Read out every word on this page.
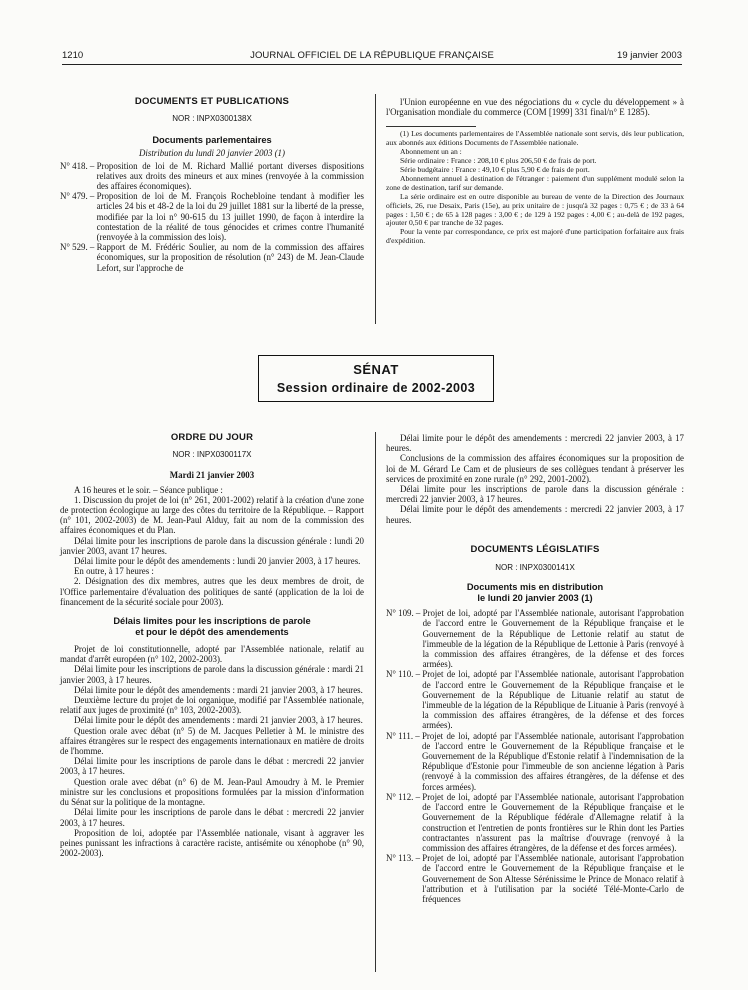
1210	JOURNAL OFFICIEL DE LA RÉPUBLIQUE FRANÇAISE	19 janvier 2003

DOCUMENTS ET PUBLICATIONS

NOR : INPX0300138X

Documents parlementaires

Distribution du lundi 20 janvier 2003 (1)

N° 418. – Proposition de loi de M. Richard Mallié portant diverses dispositions relatives aux droits des mineurs et aux mines (renvoyée à la commission des affaires économiques).
N° 479. – Proposition de loi de M. François Rochebloine tendant à modifier les articles 24 bis et 48-2 de la loi du 29 juillet 1881 sur la liberté de la presse, modifiée par la loi n° 90-615 du 13 juillet 1990, de façon à interdire la contestation de la réalité de tous génocides et crimes contre l'humanité (renvoyée à la commission des lois).
N° 529. – Rapport de M. Frédéric Soulier, au nom de la commission des affaires économiques, sur la proposition de résolution (n° 243) de M. Jean-Claude Lefort, sur l'approche de

l'Union européenne en vue des négociations du « cycle du développement » à l'Organisation mondiale du commerce (COM [1999] 331 final/n° E 1285).

(1) Les documents parlementaires de l'Assemblée nationale sont servis, dès leur publication, aux abonnés aux éditions Documents de l'Assemblée nationale.

Abonnement un an :

Série ordinaire : France : 208,10 € plus 206,50 € de frais de port.

Série budgétaire : France : 49,10 € plus 5,90 € de frais de port.

Abonnement annuel à destination de l'étranger : paiement d'un supplément modulé selon la zone de destination, tarif sur demande.

La série ordinaire est en outre disponible au bureau de vente de la Direction des Journaux officiels, 26, rue Desaix, Paris (15e), au prix unitaire de : jusqu'à 32 pages : 0,75 € ; de 33 à 64 pages : 1,50 € ; de 65 à 128 pages : 3,00 € ; de 129 à 192 pages : 4,00 € ; au-delà de 192 pages, ajouter 0,50 € par tranche de 32 pages.

Pour la vente par correspondance, ce prix est majoré d'une participation forfaitaire aux frais d'expédition.

SÉNAT
Session ordinaire de 2002-2003

ORDRE DU JOUR

NOR : INPX0300117X

Mardi 21 janvier 2003

A 16 heures et le soir. – Séance publique :

1. Discussion du projet de loi (n° 261, 2001-2002) relatif à la création d'une zone de protection écologique au large des côtes du territoire de la République. – Rapport (n° 101, 2002-2003) de M. Jean-Paul Alduy, fait au nom de la commission des affaires économiques et du Plan.

Délai limite pour les inscriptions de parole dans la discussion générale : lundi 20 janvier 2003, avant 17 heures.

Délai limite pour le dépôt des amendements : lundi 20 janvier 2003, à 17 heures.

En outre, à 17 heures :

2. Désignation des dix membres, autres que les deux membres de droit, de l'Office parlementaire d'évaluation des politiques de santé (application de la loi de financement de la sécurité sociale pour 2003).

Délais limites pour les inscriptions de parole

et pour le dépôt des amendements

Projet de loi constitutionnelle, adopté par l'Assemblée nationale, relatif au mandat d'arrêt européen (n° 102, 2002-2003).

Délai limite pour les inscriptions de parole dans la discussion générale : mardi 21 janvier 2003, à 17 heures.

Délai limite pour le dépôt des amendements : mardi 21 janvier 2003, à 17 heures.

Deuxième lecture du projet de loi organique, modifié par l'Assemblée nationale, relatif aux juges de proximité (n° 103, 2002-2003).

Délai limite pour le dépôt des amendements : mardi 21 janvier 2003, à 17 heures.

Question orale avec débat (n° 5) de M. Jacques Pelletier à M. le ministre des affaires étrangères sur le respect des engagements internationaux en matière de droits de l'homme.

Délai limite pour les inscriptions de parole dans le débat : mercredi 22 janvier 2003, à 17 heures.

Question orale avec débat (n° 6) de M. Jean-Paul Amoudry à M. le Premier ministre sur les conclusions et propositions formulées par la mission d'information du Sénat sur la politique de la montagne.

Délai limite pour les inscriptions de parole dans le débat : mercredi 22 janvier 2003, à 17 heures.

Proposition de loi, adoptée par l'Assemblée nationale, visant à aggraver les peines punissant les infractions à caractère raciste, antisémite ou xénophobe (n° 90, 2002-2003).

Délai limite pour le dépôt des amendements : mercredi 22 janvier 2003, à 17 heures.

Conclusions de la commission des affaires économiques sur la proposition de loi de M. Gérard Le Cam et de plusieurs de ses collègues tendant à préserver les services de proximité en zone rurale (n° 292, 2001-2002).

Délai limite pour les inscriptions de parole dans la discussion générale : mercredi 22 janvier 2003, à 17 heures.

Délai limite pour le dépôt des amendements : mercredi 22 janvier 2003, à 17 heures.

DOCUMENTS LÉGISLATIFS

NOR : INPX0300141X

Documents mis en distribution

le lundi 20 janvier 2003 (1)

N° 109. – Projet de loi, adopté par l'Assemblée nationale, autorisant l'approbation de l'accord entre le Gouvernement de la République française et le Gouvernement de la République de Lettonie relatif au statut de l'immeuble de la légation de la République de Lettonie à Paris (renvoyé à la commission des affaires étrangères, de la défense et des forces armées).
N° 110. – Projet de loi, adopté par l'Assemblée nationale, autorisant l'approbation de l'accord entre le Gouvernement de la République française et le Gouvernement de la République de Lituanie relatif au statut de l'immeuble de la légation de la République de Lituanie à Paris (renvoyé à la commission des affaires étrangères, de la défense et des forces armées).
N° 111. – Projet de loi, adopté par l'Assemblée nationale, autorisant l'approbation de l'accord entre le Gouvernement de la République française et le Gouvernement de la République d'Estonie relatif à l'indemnisation de la République d'Estonie pour l'immeuble de son ancienne légation à Paris (renvoyé à la commission des affaires étrangères, de la défense et des forces armées).
N° 112. – Projet de loi, adopté par l'Assemblée nationale, autorisant l'approbation de l'accord entre le Gouvernement de la République française et le Gouvernement de la République fédérale d'Allemagne relatif à la construction et l'entretien de ponts frontières sur le Rhin dont les Parties contractantes n'assurent pas la maîtrise d'ouvrage (renvoyé à la commission des affaires étrangères, de la défense et des forces armées).
N° 113. – Projet de loi, adopté par l'Assemblée nationale, autorisant l'approbation de l'accord entre le Gouvernement de la République française et le Gouvernement de Son Altesse Sérénissime le Prince de Monaco relatif à l'attribution et à l'utilisation par la société Télé-Monte-Carlo de fréquences
